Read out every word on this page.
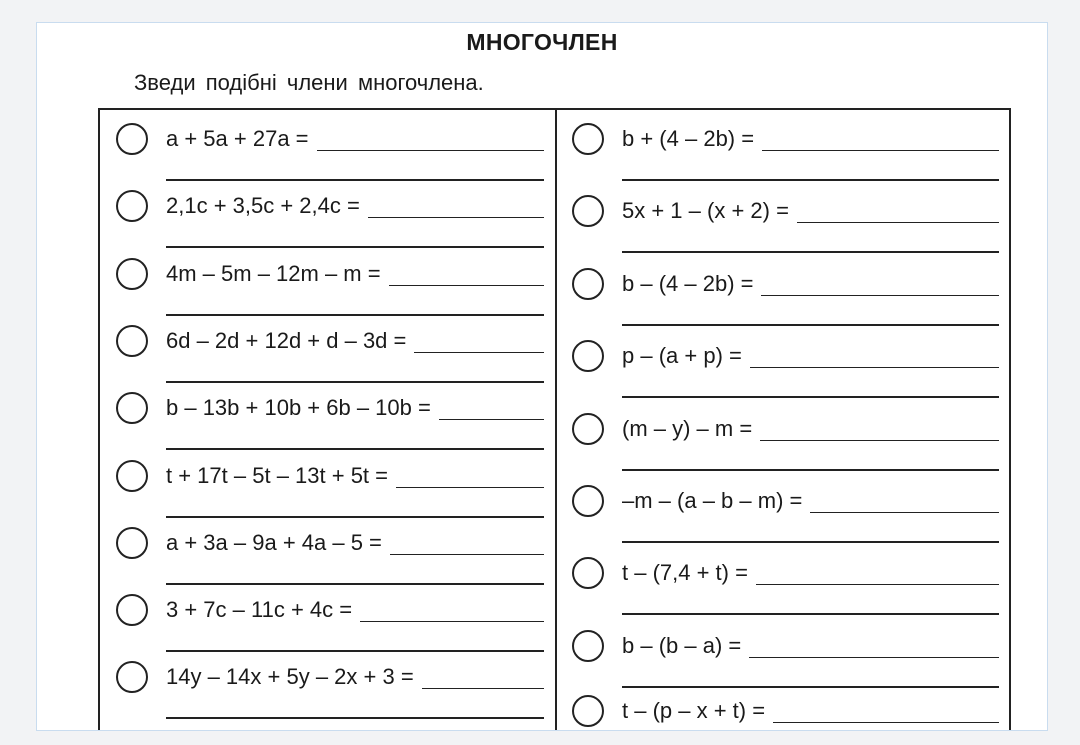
МНОГОЧЛЕН
Зведи подібні члени многочлена.
a + 5a + 27a =
2,1c + 3,5c + 2,4c =
4m – 5m – 12m – m =
6d – 2d + 12d + d – 3d =
b – 13b + 10b + 6b – 10b =
t + 17t – 5t – 13t + 5t =
a + 3a – 9a + 4a – 5 =
3 + 7c – 11c + 4c =
14y – 14x + 5y – 2x + 3 =
b + (4 – 2b) =
5x + 1 – (x + 2) =
b – (4 – 2b) =
p – (a + p) =
(m – y) – m =
–m – (a – b – m) =
t – (7,4 + t) =
b – (b – a) =
t – (p – x + t) =
